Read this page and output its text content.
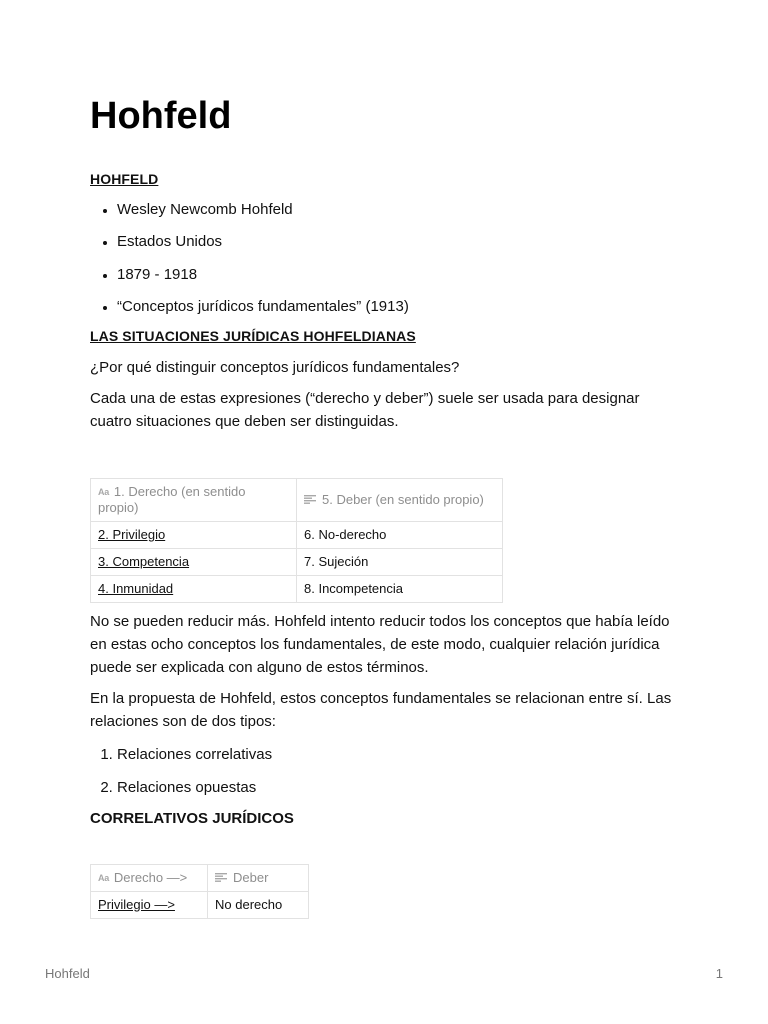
Hohfeld
HOHFELD
• Wesley Newcomb Hohfeld
• Estados Unidos
• 1879 - 1918
• “Conceptos jurídicos fundamentales” (1913)
LAS SITUACIONES JURÍDICAS HOHFELDIANAS

¿Por qué distinguir conceptos jurídicos fundamentales?

Cada una de estas expresiones (“derecho y deber”) suele ser usada para designar cuatro situaciones que deben ser distinguidas.

Aa 1. Derecho (en sentido propio)	5. Deber (en sentido propio)
2. Privilegio	6. No-derecho
3. Competencia	7. Sujeción
4. Inmunidad	8. Incompetencia

No se pueden reducir más. Hohfeld intento reducir todos los conceptos que había leído en estas ocho conceptos los fundamentales, de este modo, cualquier relación jurídica puede ser explicada con alguno de estos términos.

En la propuesta de Hohfeld, estos conceptos fundamentales se relacionan entre sí. Las relaciones son de dos tipos:

1. Relaciones correlativas
2. Relaciones opuestas
CORRELATIVOS JURÍDICOS
Aa Derecho —>	Deber
Privilegio —>	No derecho
Hohfeld	1
